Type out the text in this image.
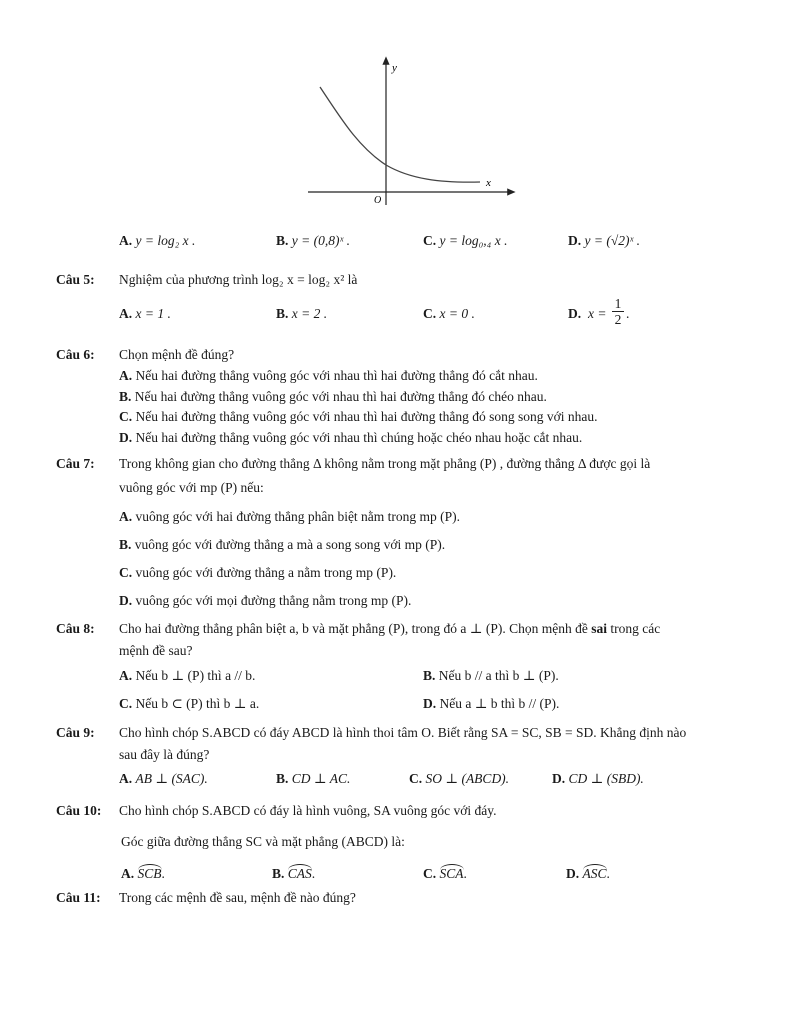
y
x
O
A. y = log₂ x .	B. y = (0,8)ˣ .	C. y = log₀,₄ x .	D. y = (√2)ˣ .
Câu 5: Nghiệm của phương trình log₂ x = log₂ x² là
A. x = 1 .	B. x = 2 .	C. x = 0 .	D. $x = \frac{1}{2}$ .
Câu 6: Chọn mệnh đề đúng?
A. Nếu hai đường thẳng vuông góc với nhau thì hai đường thẳng đó cắt nhau.
B. Nếu hai đường thẳng vuông góc với nhau thì hai đường thẳng đó chéo nhau.
C. Nếu hai đường thẳng vuông góc với nhau thì hai đường thẳng đó song song với nhau.
D. Nếu hai đường thẳng vuông góc với nhau thì chúng hoặc chéo nhau hoặc cắt nhau.
Câu 7: Trong không gian cho đường thẳng Δ không nằm trong mặt phẳng (P) , đường thẳng Δ được gọi là
vuông góc với mp (P) nếu:
A. vuông góc với hai đường thẳng phân biệt nằm trong mp (P).
B. vuông góc với đường thẳng a mà a song song với mp (P).
C. vuông góc với đường thẳng a nằm trong mp (P).
D. vuông góc với mọi đường thẳng nằm trong mp (P).
Câu 8: Cho hai đường thẳng phân biệt a, b và mặt phẳng (P), trong đó a ⊥ (P). Chọn mệnh đề sai trong các
mệnh đề sau?
A. Nếu b ⊥ (P) thì a // b.	B. Nếu b // a thì b ⊥ (P).
C. Nếu b ⊂ (P) thì b ⊥ a.	D. Nếu a ⊥ b thì b // (P).
Câu 9: Cho hình chóp S.ABCD có đáy ABCD là hình thoi tâm O. Biết rằng SA = SC, SB = SD. Khẳng định nào
sau đây là đúng?
A. AB ⊥ (SAC).	B. CD ⊥ AC.	C. SO ⊥ (ABCD).	D. CD ⊥ (SBD).
Câu 10: Cho hình chóp S.ABCD có đáy là hình vuông, SA vuông góc với đáy.
Góc giữa đường thẳng SC và mặt phẳng (ABCD) là:
A. SCB.	B. CAS.	C. SCA.	D. ASC.
Câu 11: Trong các mệnh đề sau, mệnh đề nào đúng?
